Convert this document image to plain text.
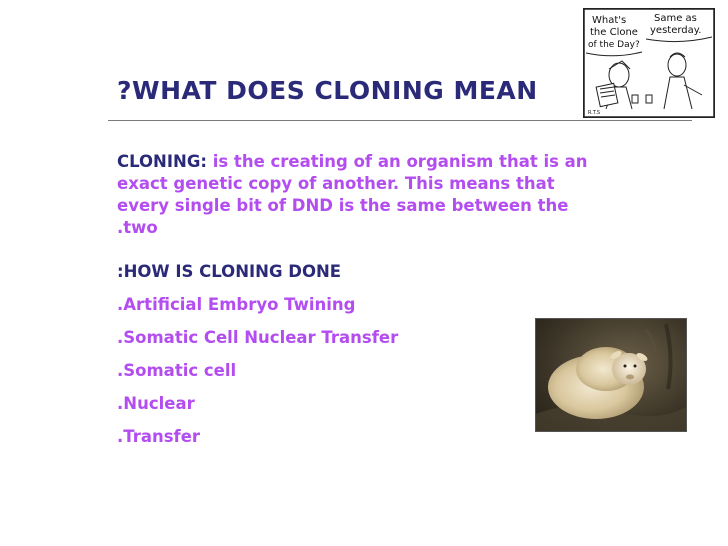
?WHAT DOES CLONING MEAN
What's
the Clone
of the Day?
Same as
yesterday.
R.T.S
CLONING: is the creating of an organism that is an
exact genetic copy of another. This means that
every single bit of DND is the same between the
.two
:HOW IS CLONING DONE
.Artificial Embryo Twining
.Somatic Cell Nuclear Transfer
.Somatic cell
.Nuclear
.Transfer
